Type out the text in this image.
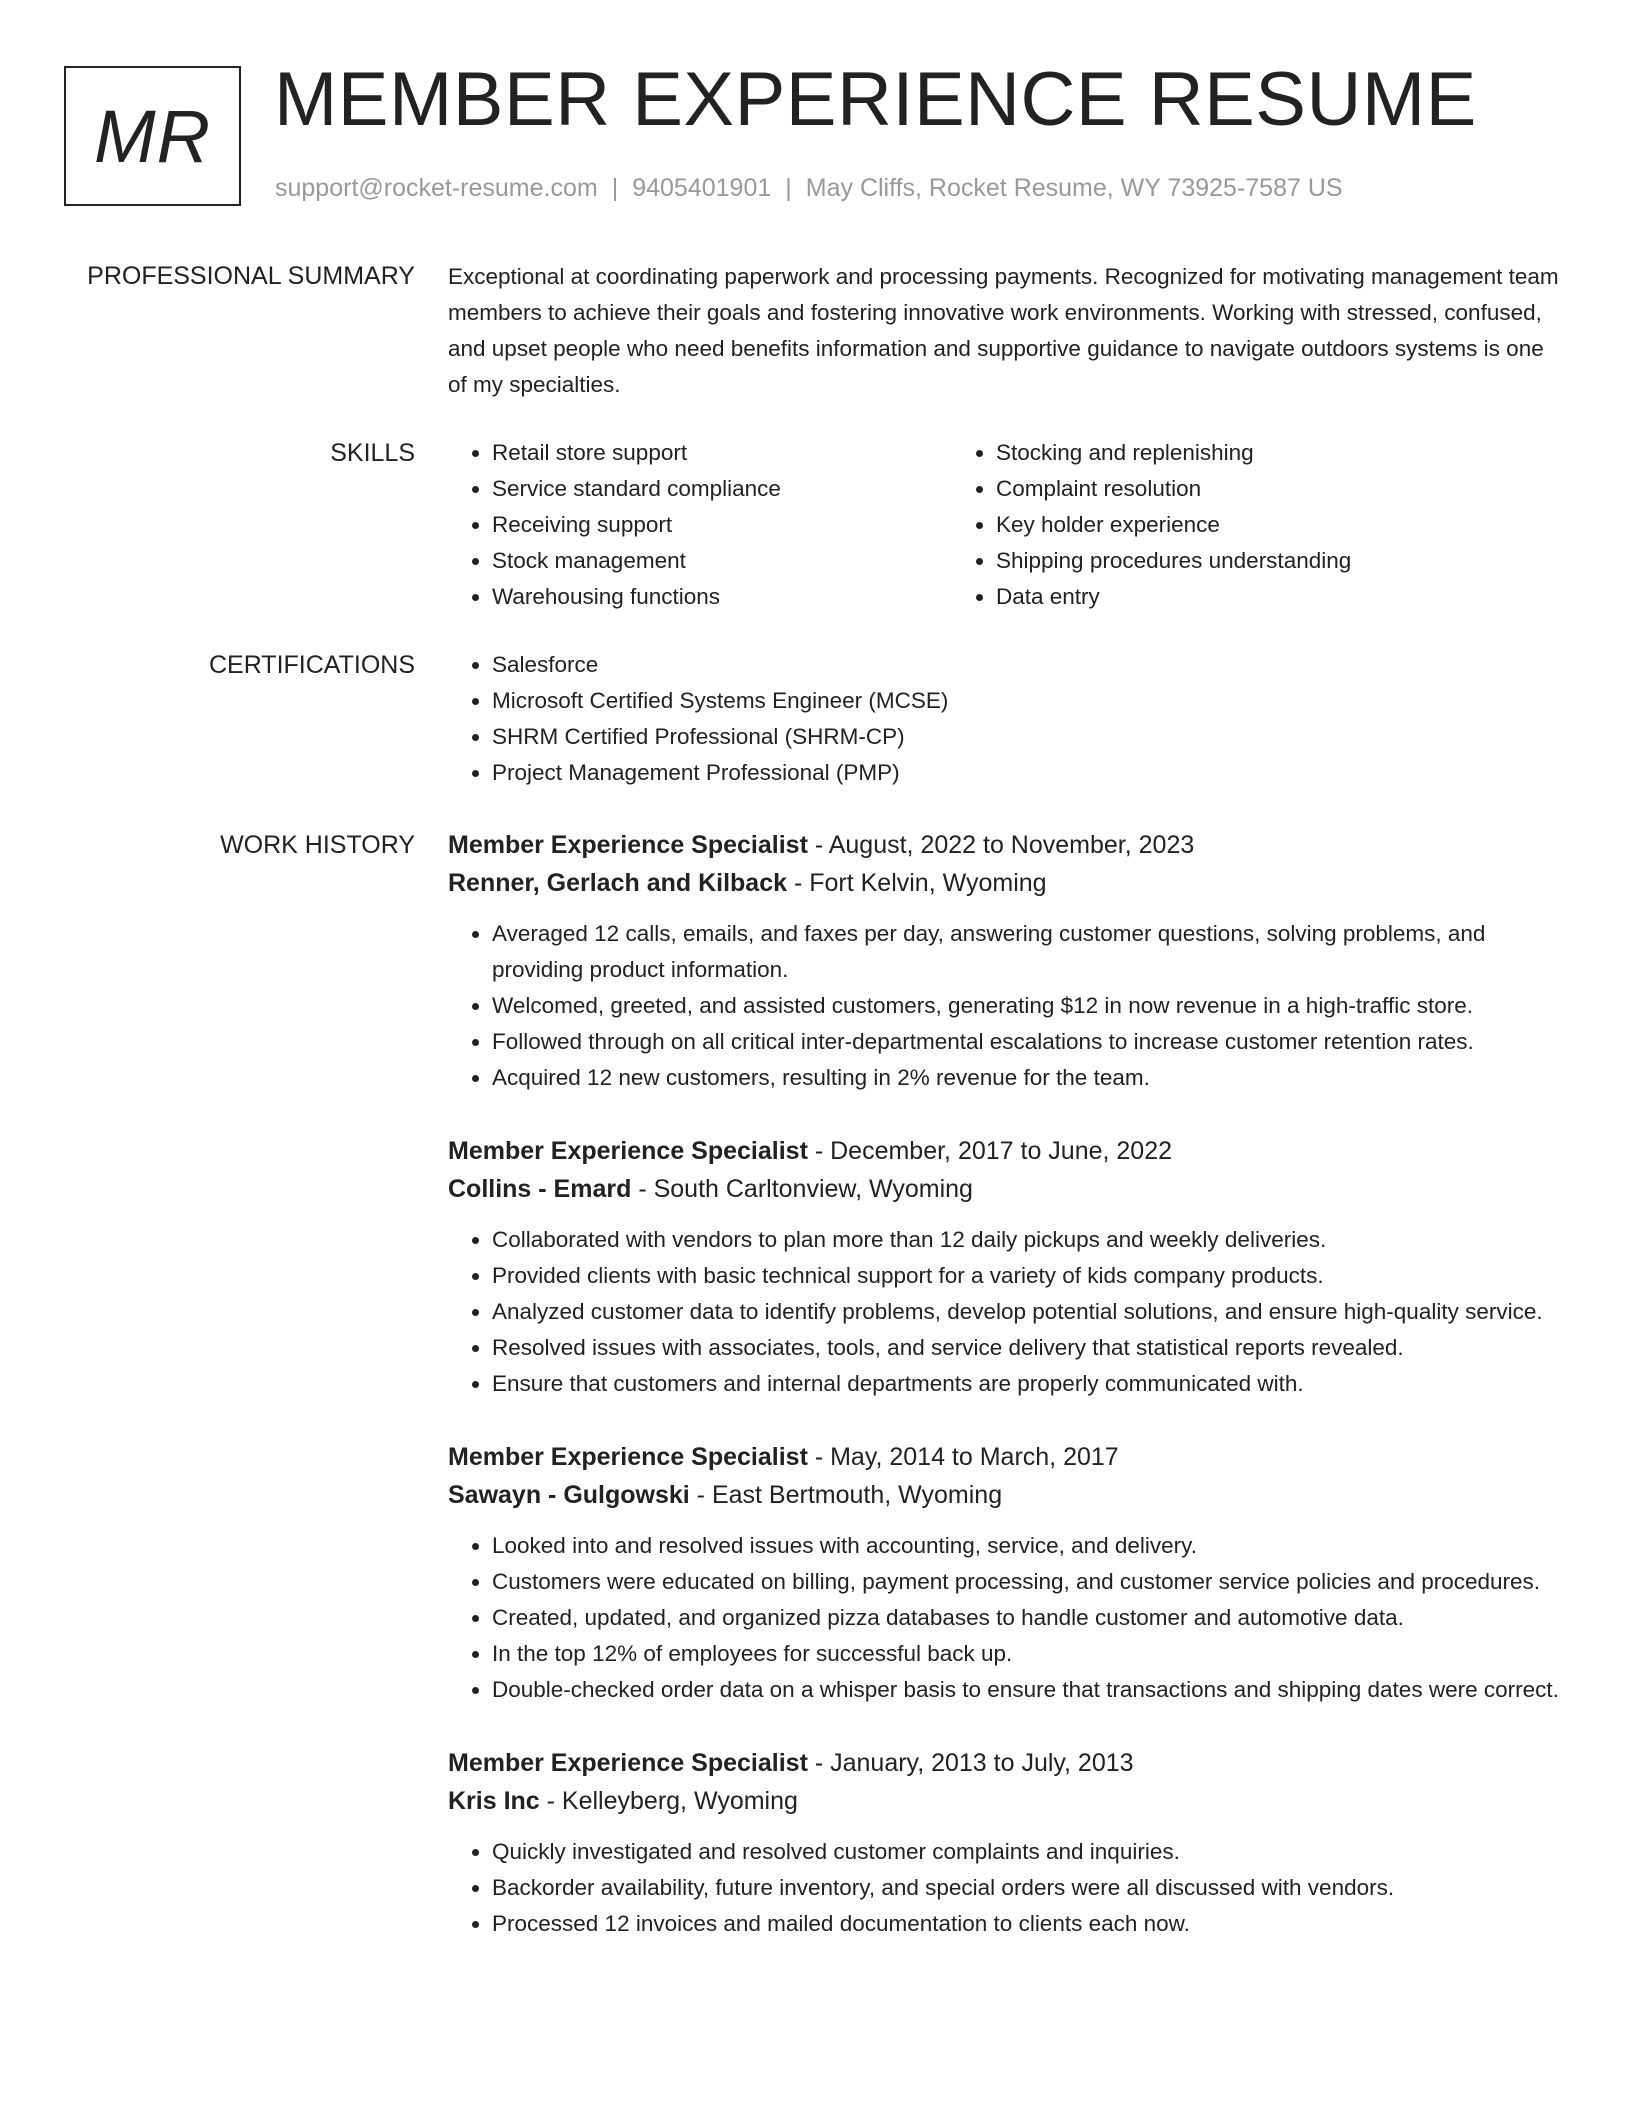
MR MEMBER EXPERIENCE RESUME
support@rocket-resume.com | 9405401901 | May Cliffs, Rocket Resume, WY 73925-7587 US
PROFESSIONAL SUMMARY Exceptional at coordinating paperwork and processing payments. Recognized for motivating management team members to achieve their goals and fostering innovative work environments. Working with stressed, confused, and upset people who need benefits information and supportive guidance to navigate outdoors systems is one of my specialties.

SKILLS	• Retail store support
• Service standard compliance
• Receiving support
• Stock management
• Warehousing functions
• Stocking and replenishing
• Complaint resolution
• Key holder experience
• Shipping procedures understanding
• Data entry
CERTIFICATIONS	• Salesforce
• Microsoft Certified Systems Engineer (MCSE)
• SHRM Certified Professional (SHRM-CP)
• Project Management Professional (PMP)
WORK HISTORY Member Experience Specialist - August, 2022 to November, 2023
Renner, Gerlach and Kilback - Fort Kelvin, Wyoming
• Averaged 12 calls, emails, and faxes per day, answering customer questions, solving problems, and providing product information.
• Welcomed, greeted, and assisted customers, generating $12 in now revenue in a high-traffic store.
• Followed through on all critical inter-departmental escalations to increase customer retention rates.
• Acquired 12 new customers, resulting in 2% revenue for the team.
Member Experience Specialist - December, 2017 to June, 2022
Collins - Emard - South Carltonview, Wyoming
• Collaborated with vendors to plan more than 12 daily pickups and weekly deliveries.
• Provided clients with basic technical support for a variety of kids company products.
• Analyzed customer data to identify problems, develop potential solutions, and ensure high-quality service.
• Resolved issues with associates, tools, and service delivery that statistical reports revealed.
• Ensure that customers and internal departments are properly communicated with.
Member Experience Specialist - May, 2014 to March, 2017
Sawayn - Gulgowski - East Bertmouth, Wyoming
• Looked into and resolved issues with accounting, service, and delivery.
• Customers were educated on billing, payment processing, and customer service policies and procedures.
• Created, updated, and organized pizza databases to handle customer and automotive data.
• In the top 12% of employees for successful back up.
• Double-checked order data on a whisper basis to ensure that transactions and shipping dates were correct.
Member Experience Specialist - January, 2013 to July, 2013
Kris Inc - Kelleyberg, Wyoming
• Quickly investigated and resolved customer complaints and inquiries.
• Backorder availability, future inventory, and special orders were all discussed with vendors.
• Processed 12 invoices and mailed documentation to clients each now.
